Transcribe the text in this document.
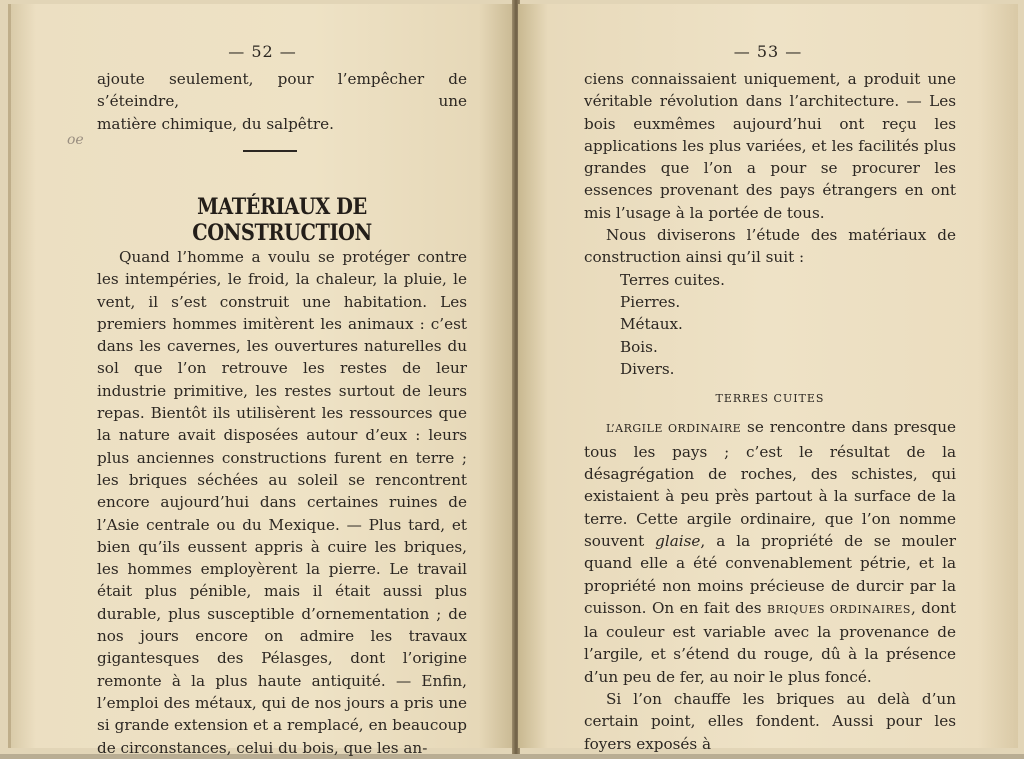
— 52 —

ajoute seulement, pour l’empêcher de s’éteindre, une

matière chimique, du salpêtre.

oe
MATÉRIAUX DE CONSTRUCTION

Quand l’homme a voulu se protéger contre les intempéries, le froid, la chaleur, la pluie, le vent, il s’est construit une habitation. Les premiers hommes imitèrent les animaux : c’est dans les cavernes, les ouvertures naturelles du sol que l’on retrouve les restes de leur industrie primitive, les restes surtout de leurs repas. Bientôt ils utilisèrent les ressources que la nature avait disposées autour d’eux : leurs plus anciennes constructions furent en terre ; les briques séchées au soleil se rencontrent encore aujourd’hui dans certaines ruines de l’Asie centrale ou du Mexique. — Plus tard, et bien qu’ils eussent appris à cuire les briques, les hommes employèrent la pierre. Le travail était plus pénible, mais il était aussi plus durable, plus susceptible d’ornementation ; de nos jours encore on admire les travaux gigantesques des Pélasges, dont l’origine remonte à la plus haute antiquité. — Enfin, l’emploi des métaux, qui de nos jours a pris une si grande extension et a remplacé, en beaucoup de circonstances, celui du bois, que les an-

— 53 —

ciens connaissaient uniquement, a produit une véritable révolution dans l’architecture. — Les bois euxmêmes aujourd’hui ont reçu les applications les plus variées, et les facilités plus grandes que l’on a pour se procurer les essences provenant des pays étrangers en ont mis l’usage à la portée de tous.

Nous diviserons l’étude des matériaux de construction ainsi qu’il suit :

Terres cuites.
Pierres.
Métaux.
Bois.
Divers.
TERRES CUITES

L’ARGILE ORDINAIRE se rencontre dans presque tous les pays ; c’est le résultat de la désagrégation de roches, des schistes, qui existaient à peu près partout à la surface de la terre. Cette argile ordinaire, que l’on nomme souvent glaise, a la propriété de se mouler quand elle a été convenablement pétrie, et la propriété non moins précieuse de durcir par la cuisson. On en fait des BRIQUES ORDINAIRES, dont la couleur est variable avec la provenance de l’argile, et s’étend du rouge, dû à la présence d’un peu de fer, au noir le plus foncé.

Si l’on chauffe les briques au delà d’un certain point, elles fondent. Aussi pour les foyers exposés à
